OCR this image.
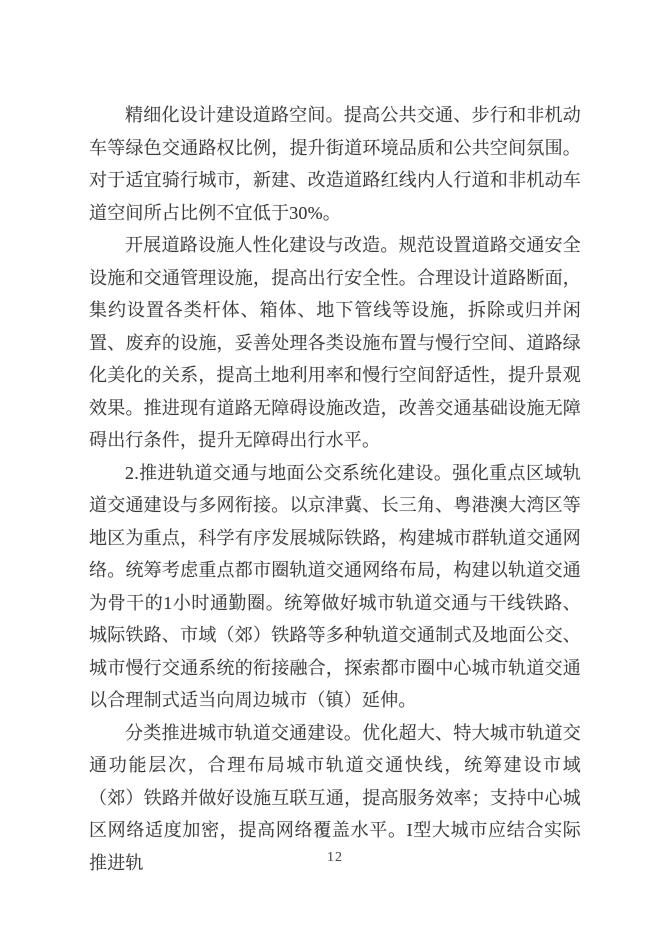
精细化设计建设道路空间。提高公共交通、步行和非机动车等绿色交通路权比例，提升街道环境品质和公共空间氛围。对于适宜骑行城市，新建、改造道路红线内人行道和非机动车道空间所占比例不宜低于30%。

开展道路设施人性化建设与改造。规范设置道路交通安全设施和交通管理设施，提高出行安全性。合理设计道路断面，集约设置各类杆体、箱体、地下管线等设施，拆除或归并闲置、废弃的设施，妥善处理各类设施布置与慢行空间、道路绿化美化的关系，提高土地利用率和慢行空间舒适性，提升景观效果。推进现有道路无障碍设施改造，改善交通基础设施无障碍出行条件，提升无障碍出行水平。

2.推进轨道交通与地面公交系统化建设。强化重点区域轨道交通建设与多网衔接。以京津冀、长三角、粤港澳大湾区等地区为重点，科学有序发展城际铁路，构建城市群轨道交通网络。统筹考虑重点都市圈轨道交通网络布局，构建以轨道交通为骨干的1小时通勤圈。统筹做好城市轨道交通与干线铁路、城际铁路、市域（郊）铁路等多种轨道交通制式及地面公交、城市慢行交通系统的衔接融合，探索都市圈中心城市轨道交通以合理制式适当向周边城市（镇）延伸。

分类推进城市轨道交通建设。优化超大、特大城市轨道交通功能层次，合理布局城市轨道交通快线，统筹建设市域（郊）铁路并做好设施互联互通，提高服务效率；支持中心城区网络适度加密，提高网络覆盖水平。I型大城市应结合实际推进轨	12
